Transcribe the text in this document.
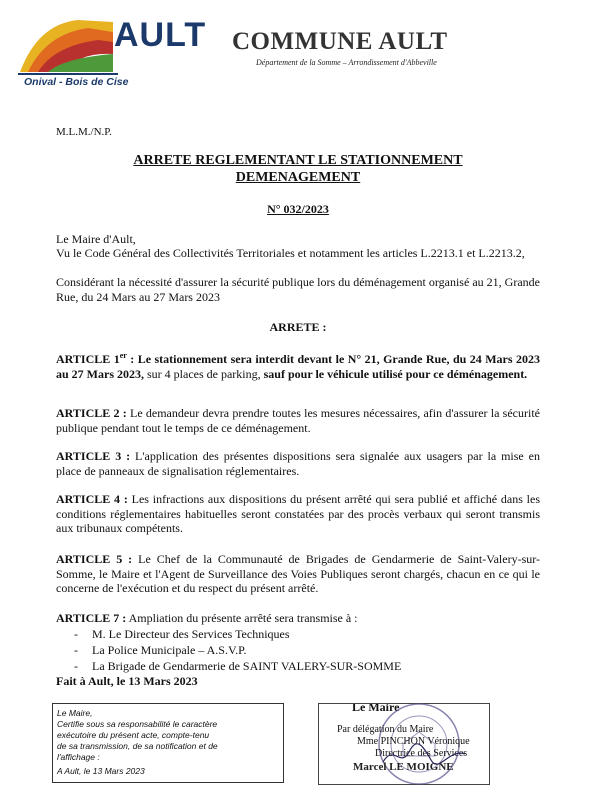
AULT
Onival - Bois de Cise
COMMUNE AULT
Département de la Somme – Arrondissement d'Abbeville
M.L.M./N.P.
ARRETE REGLEMENTANT LE STATIONNEMENT
DEMENAGEMENT
N° 032/2023
Le Maire d'Ault,
Vu le Code Général des Collectivités Territoriales et notamment les articles L.2213.1 et L.2213.2,
Considérant la nécessité d'assurer la sécurité publique lors du déménagement organisé au 21, Grande Rue, du 24 Mars au 27 Mars 2023
ARRETE :
ARTICLE 1er : Le stationnement sera interdit devant le N° 21, Grande Rue, du 24 Mars 2023 au 27 Mars 2023, sur 4 places de parking, sauf pour le véhicule utilisé pour ce déménagement.
ARTICLE 2 : Le demandeur devra prendre toutes les mesures nécessaires, afin d'assurer la sécurité publique pendant tout le temps de ce déménagement.
ARTICLE 3 : L'application des présentes dispositions sera signalée aux usagers par la mise en place de panneaux de signalisation réglementaires.
ARTICLE 4 : Les infractions aux dispositions du présent arrêté qui sera publié et affiché dans les conditions réglementaires habituelles seront constatées par des procès verbaux qui seront transmis aux tribunaux compétents.
ARTICLE 5 : Le Chef de la Communauté de Brigades de Gendarmerie de Saint-Valery-sur-Somme, le Maire et l'Agent de Surveillance des Voies Publiques seront chargés, chacun en ce qui le concerne de l'exécution et du respect du présent arrêté.
ARTICLE 7 : Ampliation du présente arrêté sera transmise à :
- M. Le Directeur des Services Techniques
- La Police Municipale – A.S.V.P.
- La Brigade de Gendarmerie de SAINT VALERY-SUR-SOMME
Fait à Ault, le 13 Mars 2023
Le Maire,
Certifie sous sa responsabilité le caractère
exécutoire du présent acte, compte-tenu
de sa transmission, de sa notification et de
l'affichage :
A Ault, le 13 Mars 2023
Le Maire
Par délégation du Maire
Mme PINCHON Véronique
Directrice des Services
Marcel LE MOIGNE
